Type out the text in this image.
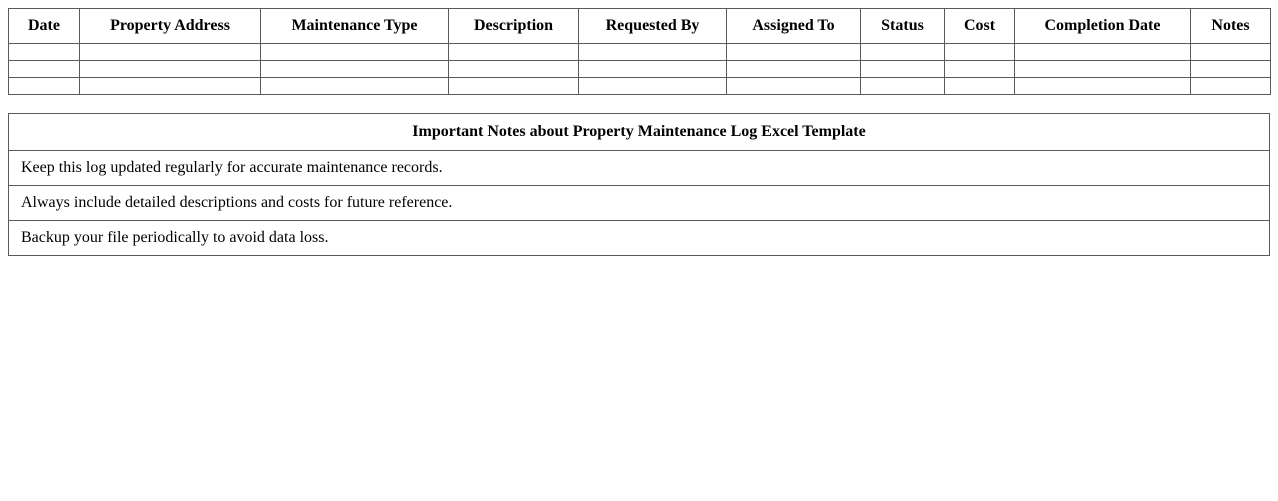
Date	Property Address	Maintenance Type	Description	Requested By	Assigned To	Status	Cost	Completion Date	Notes

Important Notes about Property Maintenance Log Excel Template
Keep this log updated regularly for accurate maintenance records.
Always include detailed descriptions and costs for future reference.
Backup your file periodically to avoid data loss.
